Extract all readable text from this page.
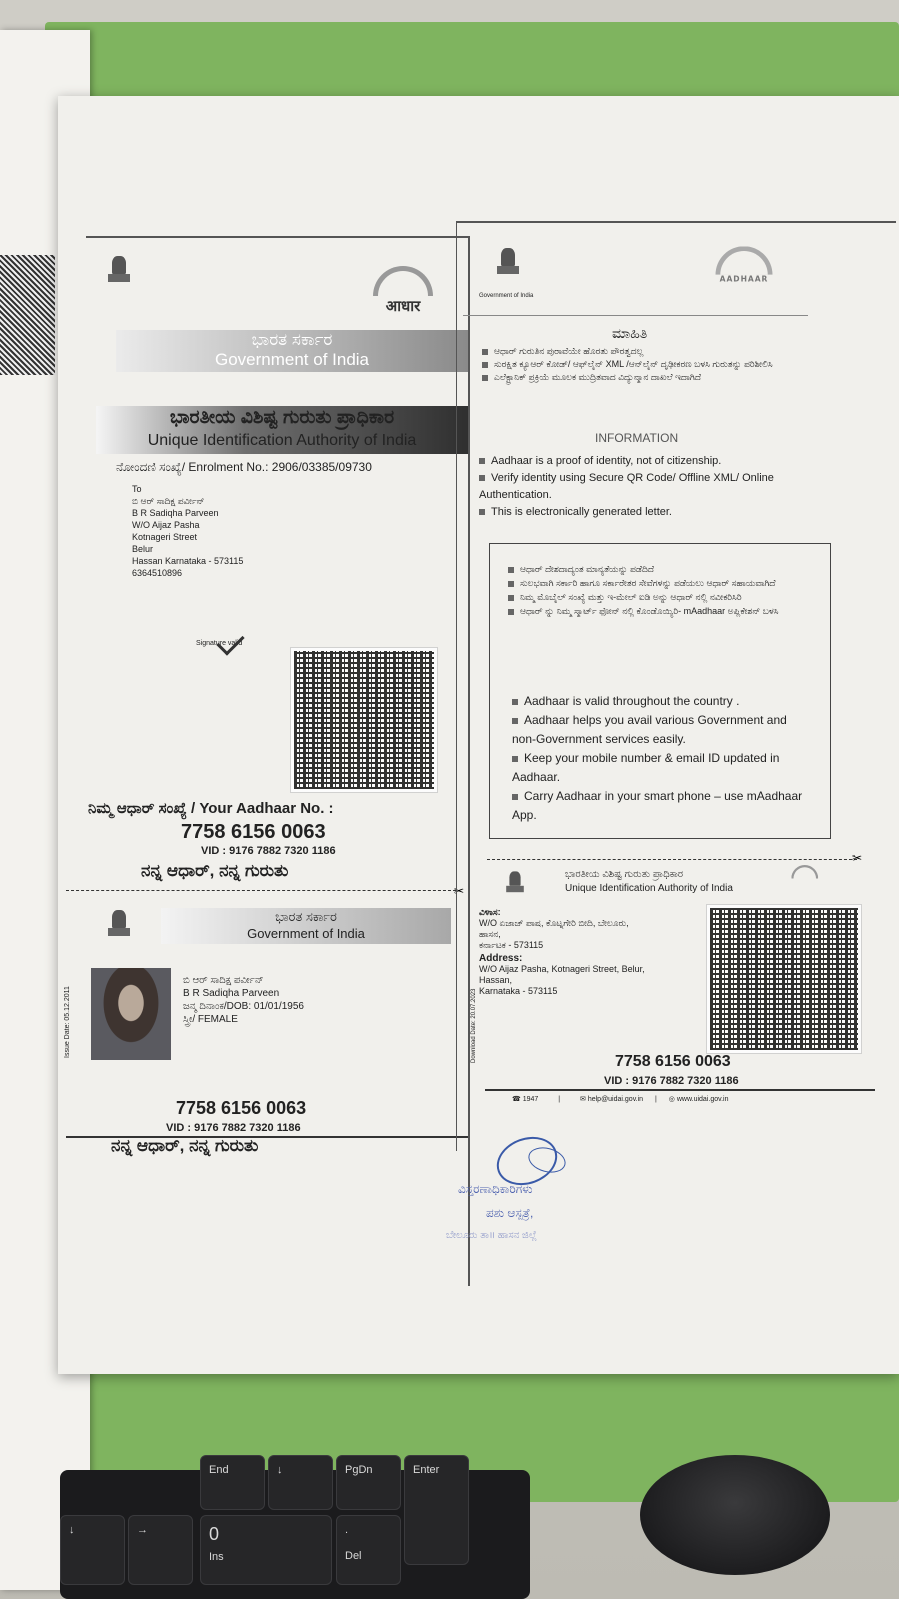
End	↓	PgDn	Enter
0
Ins
.
Del
↓	→
आधार
ಭಾರತ ಸರ್ಕಾರ
Government of India
ಭಾರತೀಯ ವಿಶಿಷ್ಟ ಗುರುತು ಪ್ರಾಧಿಕಾರ
Unique Identification Authority of India
ನೋಂದಣಿ ಸಂಖ್ಯೆ/ Enrolment No.: 2906/03385/09730
To
ಬಿ ಆರ್ ಸಾದಿಕ್ಷ ಪರ್ವೀನ್
B R Sadiqha Parveen
W/O Aijaz Pasha
Kotnageri Street
Belur
Hassan Karnataka - 573115
6364510896
Signature valid
ನಿಮ್ಮ ಆಧಾರ್ ಸಂಖ್ಯೆ / Your Aadhaar No. :
7758 6156 0063
VID : 9176 7882 7320 1186
ನನ್ನ ಆಧಾರ್, ನನ್ನ ಗುರುತು
✂
ಭಾರತ ಸರ್ಕಾರ
Government of India
Issue Date: 05.12.2011
ಬಿ ಆರ್ ಸಾದಿಕ್ಷ ಪರ್ವೀನ್
B R Sadiqha Parveen
ಜನ್ಮ ದಿನಾಂಕ/DOB: 01/01/1956
ಸ್ತ್ರೀ/ FEMALE
7758 6156 0063
VID : 9176 7882 7320 1186
ನನ್ನ ಆಧಾರ್, ನನ್ನ ಗುರುತು
Government of India
AADHAAR
ಮಾಹಿತಿ
ಆಧಾರ್ ಗುರುತಿನ ಪುರಾವೆಯೇ ಹೊರತು ಪೌರತ್ವದಲ್ಲ
ಸುರಕ್ಷಿತ ಕ್ಯೂಆರ್ ಕೋಡ್/ ಆಫ್‌ಲೈನ್ XML /ಆನ್‌ಲೈನ್ ದೃಢೀಕರಣ ಬಳಸಿ ಗುರುತನ್ನು ಪರಿಶೀಲಿಸಿ
ಎಲೆಕ್ಟ್ರಾನಿಕ್ ಪ್ರಕ್ರಿಯೆ ಮೂಲಕ ಮುದ್ರಿತವಾದ ವಿದ್ಯುನ್ಮಾನ ದಾಖಲೆ ಇದಾಗಿದೆ
INFORMATION
Aadhaar is a proof of identity, not of citizenship.
Verify identity using Secure QR Code/ Offline XML/ Online Authentication.
This is electronically generated letter.
ಆಧಾರ್ ದೇಶದಾದ್ಯಂತ ಮಾನ್ಯತೆಯನ್ನು ಪಡೆದಿದೆ
ಸುಲಭವಾಗಿ ಸರ್ಕಾರಿ ಹಾಗೂ ಸರ್ಕಾರೇತರ ಸೇವೆಗಳನ್ನು ಪಡೆಯಲು ಆಧಾರ್ ಸಹಾಯವಾಗಿದೆ
ನಿಮ್ಮ ಮೊಬೈಲ್ ಸಂಖ್ಯೆ ಮತ್ತು ಇ-ಮೇಲ್ ಐಡಿ ಅನ್ನು ಆಧಾರ್ ನಲ್ಲಿ ನವೀಕರಿಸಿರಿ
ಆಧಾರ್ ನ್ನು ನಿಮ್ಮ ಸ್ಮಾರ್ಟ್ ಫೋನ್ ನಲ್ಲಿ ಕೊಂಡೊಯ್ಯಿರಿ- mAadhaar ಅಪ್ಲಿಕೇಶನ್ ಬಳಸಿ
Aadhaar is valid throughout the country .
Aadhaar helps you avail various Government and non-Government services easily.
Keep your mobile number & email ID updated in Aadhaar.
Carry Aadhaar in your smart phone – use mAadhaar App.
✂
ಭಾರತೀಯ ವಿಶಿಷ್ಟ ಗುರುತು ಪ್ರಾಧಿಕಾರ
Unique Identification Authority of India
Download Date: 20.07.2023
ವಿಳಾಸ:
W/O ಏಜಾಜ್ ಪಾಷ, ಕೊಟ್ನಗೇರಿ ಬೀದಿ, ಬೇಲೂರು,
ಹಾಸನ,
ಕರ್ನಾಟಕ - 573115
Address:
W/O Aijaz Pasha, Kotnageri Street, Belur,
Hassan,
Karnataka - 573115
7758 6156 0063
VID : 9176 7882 7320 1186
☎ 1947	|	✉ help@uidai.gov.in | ◎ www.uidai.gov.in
ವಿಸ್ತರಣಾಧಿಕಾರಿಗಳು
ಪಶು ಆಸ್ಪತ್ರೆ,
ಬೇಲೂರು ತಾ॥ ಹಾಸನ ಜಿಲ್ಲೆ
